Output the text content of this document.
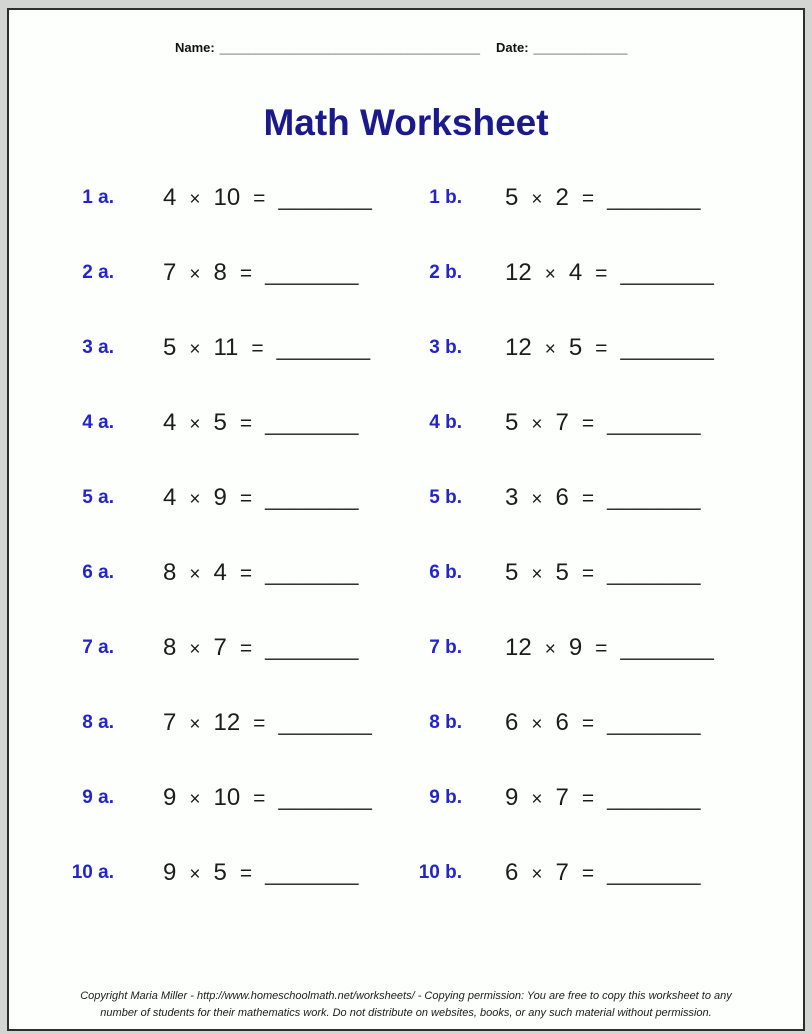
Name: ____________________________________ Date: _____________
Math Worksheet
1 a. 4 × 10 = _______	1 b. 5 × 2 = _______
2 a. 7 × 8 = _______	2 b. 12 × 4 = _______
3 a. 5 × 11 = _______	3 b. 12 × 5 = _______
4 a. 4 × 5 = _______	4 b. 5 × 7 = _______
5 a. 4 × 9 = _______	5 b. 3 × 6 = _______
6 a. 8 × 4 = _______	6 b. 5 × 5 = _______
7 a. 8 × 7 = _______	7 b. 12 × 9 = _______
8 a. 7 × 12 = _______	8 b. 6 × 6 = _______
9 a. 9 × 10 = _______	9 b. 9 × 7 = _______
10 a. 9 × 5 = _______	10 b. 6 × 7 = _______
Copyright Maria Miller - http://www.homeschoolmath.net/worksheets/ - Copying permission: You are free to copy this worksheet to any
number of students for their mathematics work. Do not distribute on websites, books, or any such material without permission.
